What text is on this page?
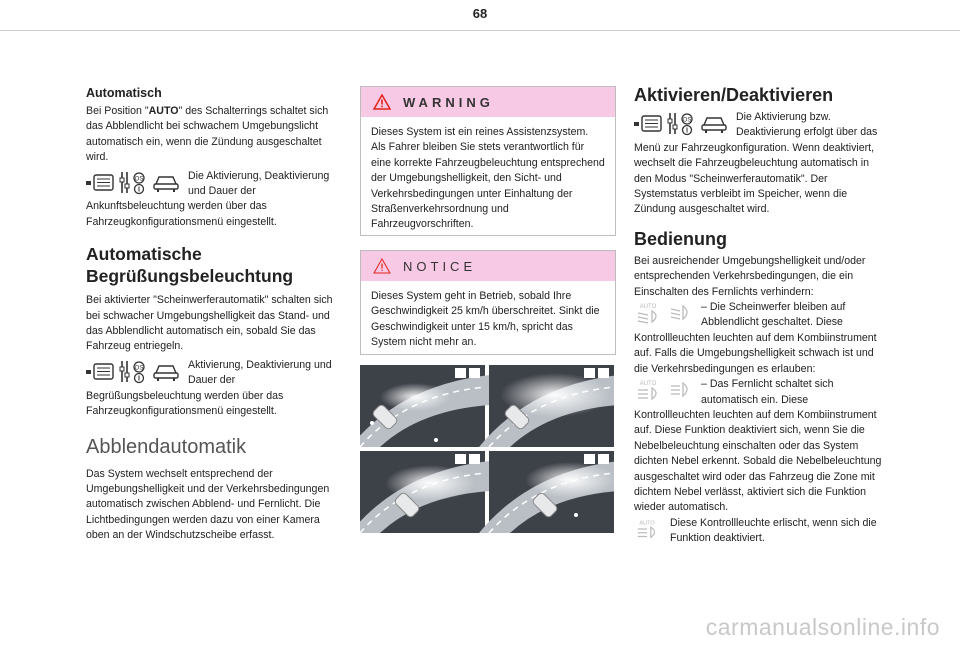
68
Automatisch

Bei Position "AUTO" des Schalterrings schaltet sich das Abblendlicht bei schwachem Umgebungslicht automatisch ein, wenn die Zündung ausgeschaltet wird.

OS	Die Aktivierung, Deaktivierung und Dauer der

Ankunftsbeleuchtung werden über das Fahrzeugkonfigurationsmenü eingestellt.

Automatische
Begrüßungsbeleuchtung

Bei aktivierter "Scheinwerferautomatik" schalten sich bei schwacher Umgebungshelligkeit das Stand- und das Abblendlicht automatisch ein, sobald Sie das Fahrzeug entriegeln.

OS	Aktivierung, Deaktivierung und Dauer der

Begrüßungsbeleuchtung werden über das Fahrzeugkonfigurationsmenü eingestellt.

Abblendautomatik

Das System wechselt entsprechend der Umgebungshelligkeit und der Verkehrsbedingungen automatisch zwischen Abblend- und Fernlicht. Die Lichtbedingungen werden dazu von einer Kamera oben an der Windschutzscheibe erfasst.

WARNING

Dieses System ist ein reines Assistenzsystem. Als Fahrer bleiben Sie stets verantwortlich für eine korrekte Fahrzeugbeleuchtung entsprechend der Umgebungshelligkeit, den Sicht- und Verkehrsbedingungen unter Einhaltung der Straßenverkehrsordnung und Fahrzeugvorschriften.

NOTICE

Dieses System geht in Betrieb, sobald Ihre Geschwindigkeit 25 km/h überschreitet. Sinkt die Geschwindigkeit unter 15 km/h, spricht das System nicht mehr an.

Aktivieren/Deaktivieren
OS	Die Aktivierung bzw. Deaktivierung erfolgt über das

Menü zur Fahrzeugkonfiguration. Wenn deaktiviert, wechselt die Fahrzeugbeleuchtung automatisch in den Modus "Scheinwerferautomatik". Der Systemstatus verbleibt im Speicher, wenn die Zündung ausgeschaltet wird.

Bedienung

Bei ausreichender Umgebungshelligkeit und/oder entsprechenden Verkehrsbedingungen, die ein Einschalten des Fernlichts verhindern:

AUTO	– Die Scheinwerfer bleiben auf Abblendlicht geschaltet. Diese

Kontrollleuchten leuchten auf dem Kombiinstrument auf. Falls die Umgebungshelligkeit schwach ist und die Verkehrsbedingungen es erlauben:

AUTO	– Das Fernlicht schaltet sich automatisch ein. Diese

Kontrollleuchten leuchten auf dem Kombiinstrument auf. Diese Funktion deaktiviert sich, wenn Sie die Nebelbeleuchtung einschalten oder das System dichten Nebel erkennt. Sobald die Nebelbeleuchtung ausgeschaltet wird oder das Fahrzeug die Zone mit dichtem Nebel verlässt, aktiviert sich die Funktion wieder automatisch.

AUTO Diese Kontrollleuchte erlischt, wenn sich die Funktion deaktiviert.

carmanualsonline.info
